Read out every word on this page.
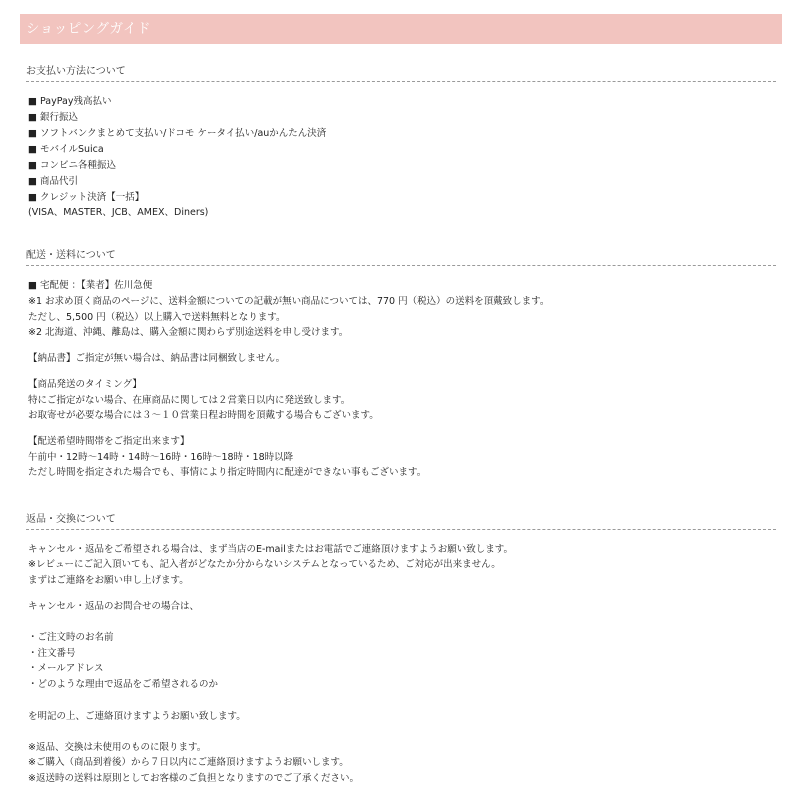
ショッピングガイド
お支払い方法について
■ PayPay残高払い
■ 銀行振込
■ ソフトバンクまとめて支払い/ドコモ ケータイ払い/auかんたん決済
■ モバイルSuica
■ コンビニ各種振込
■ 商品代引
■ クレジット決済【一括】
(VISA、MASTER、JCB、AMEX、Diners)
配送・送料について
■ 宅配便 ：【業者】佐川急便
※1 お求め頂く商品のページに、送料金額についての記載が無い商品については、770 円（税込）の送料を頂戴致します。
ただし、5,500 円（税込）以上購入で送料無料となります。
※2 北海道、沖縄、離島は、購入金額に関わらず別途送料を申し受けます。
【納品書】ご指定が無い場合は、納品書は同梱致しません。
【商品発送のタイミング】
特にご指定がない場合、在庫商品に関しては２営業日以内に発送致します。
お取寄せが必要な場合には３～１０営業日程お時間を頂戴する場合もございます。
【配送希望時間帯をご指定出来ます】
午前中・12時～14時・14時～16時・16時～18時・18時以降
ただし時間を指定された場合でも、事情により指定時間内に配達ができない事もございます。
返品・交換について
キャンセル・返品をご希望される場合は、まず当店のE-mailまたはお電話でご連絡頂けますようお願い致します。
※レビューにご記入頂いても、記入者がどなたか分からないシステムとなっているため、ご対応が出来ません。
まずはご連絡をお願い申し上げます。
キャンセル・返品のお問合せの場合は、
・ご注文時のお名前
・注文番号
・メールアドレス
・どのような理由で返品をご希望されるのか
を明記の上、ご連絡頂けますようお願い致します。
※返品、交換は未使用のものに限ります。
※ご購入（商品到着後）から７日以内にご連絡頂けますようお願いします。
※返送時の送料は原則としてお客様のご負担となりますのでご了承ください。
